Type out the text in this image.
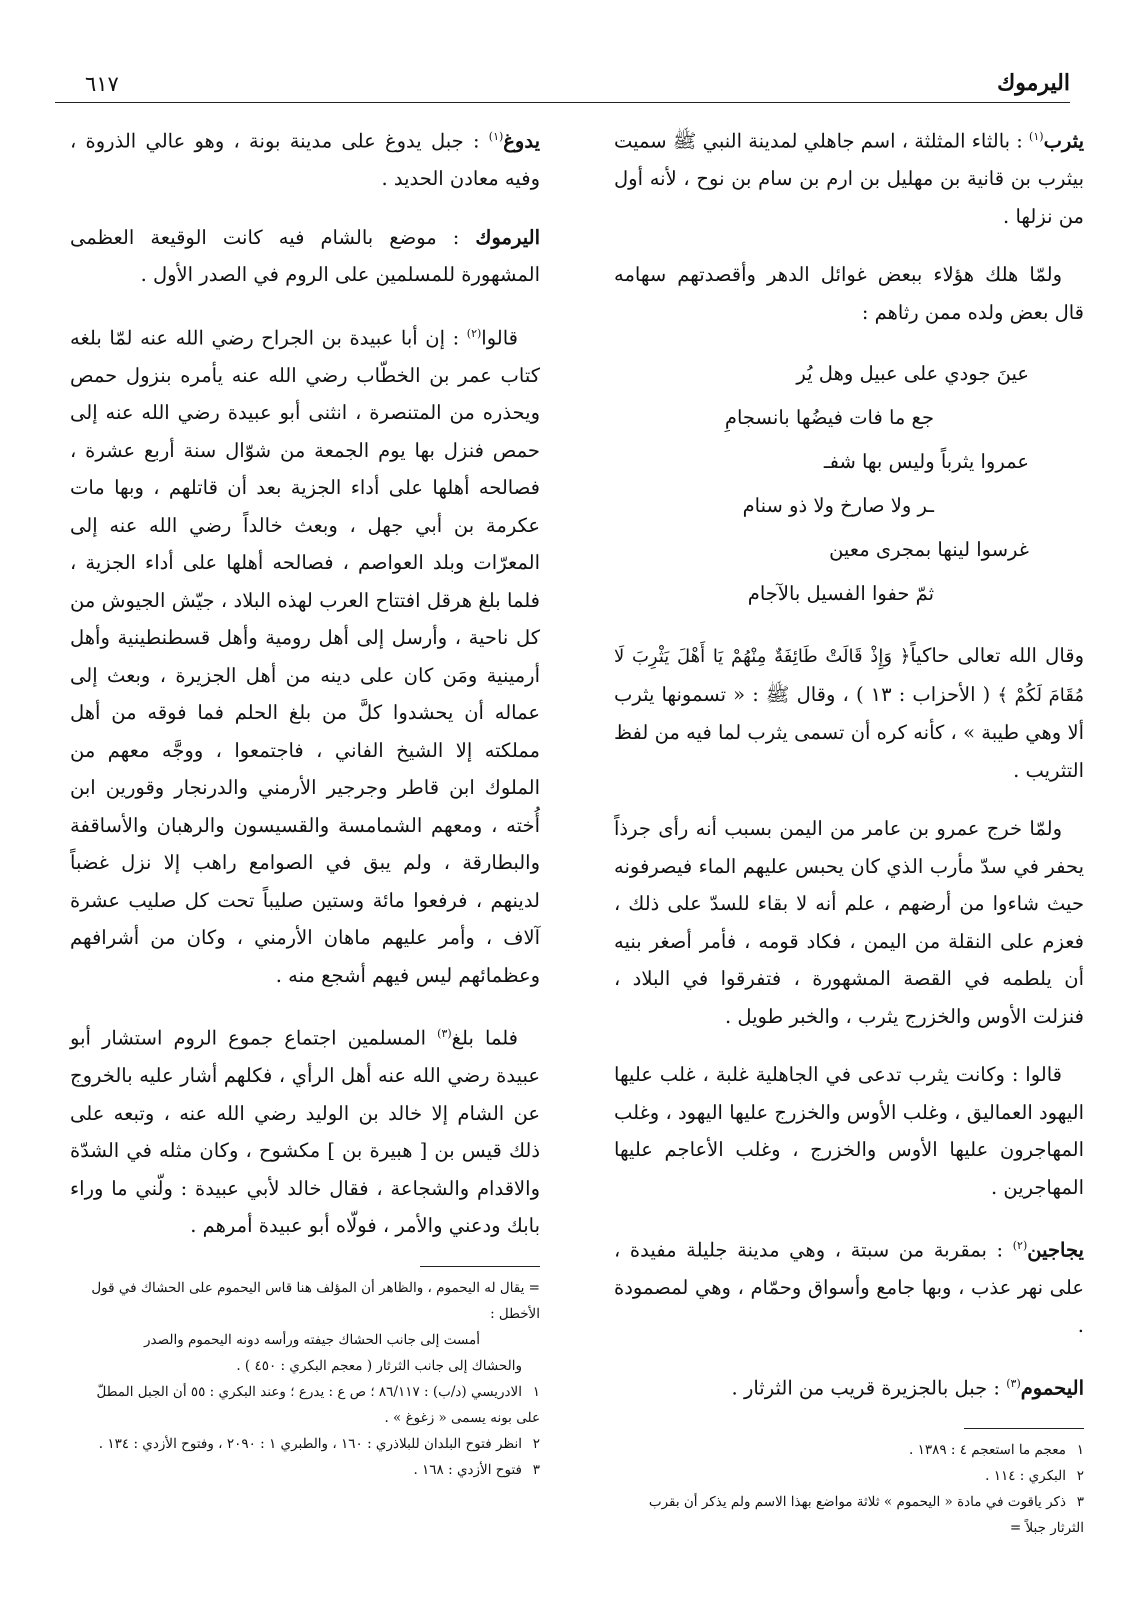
اليرموك
٦١٧

يثرب$^{(١)}$ : بالثاء المثلثة ، اسم جاهلي لمدينة النبي ﷺ سميت بيثرب بن قانية بن مهليل بن ارم بن سام بن نوح ، لأنه أول من نزلها .

ولمّا هلك هؤلاء ببعض غوائل الدهر وأقصدتهم سهامه قال بعض ولده ممن رثاهم :

عينَ جودي على عبيل وهل يُر
جع ما فات فيضُها بانسجامِ
عمروا يثرباً وليس بها شفـ
ـر ولا صارخ ولا ذو سنام
غرسوا لينها بمجرى معين
ثمّ حفوا الفسيل بالآجام

وقال الله تعالى حاكياً﴿ وَإِذْ قَالَتْ طَائِفَةٌ مِنْهُمْ يَا أَهْلَ يَثْرِبَ لَا مُقَامَ لَكُمْ ﴾ ( الأحزاب : ١٣ ) ، وقال ﷺ : « تسمونها يثرب ألا وهي طيبة » ، كأنه كره أن تسمى يثرب لما فيه من لفظ التثريب .

ولمّا خرج عمرو بن عامر من اليمن بسبب أنه رأى جرذاً يحفر في سدّ مأرب الذي كان يحبس عليهم الماء فيصرفونه حيث شاءوا من أرضهم ، علم أنه لا بقاء للسدّ على ذلك ، فعزم على النقلة من اليمن ، فكاد قومه ، فأمر أصغر بنيه أن يلطمه في القصة المشهورة ، فتفرقوا في البلاد ، فنزلت الأوس والخزرج يثرب ، والخبر طويل .

قالوا : وكانت يثرب تدعى في الجاهلية غلبة ، غلب عليها اليهود العماليق ، وغلب الأوس والخزرج عليها اليهود ، وغلب المهاجرون عليها الأوس والخزرج ، وغلب الأعاجم عليها المهاجرين .

يجاجين$^{(٢)}$ : بمقربة من سبتة ، وهي مدينة جليلة مفيدة ، على نهر عذب ، وبها جامع وأسواق وحمّام ، وهي لمصمودة .

اليحموم$^{(٣)}$ : جبل بالجزيرة قريب من الثرثار .

١معجم ما استعجم ٤ : ١٣٨٩ .
٢البكري : ١١٤ .
٣ذكر ياقوت في مادة « اليحموم » ثلاثة مواضع بهذا الاسم ولم يذكر أن بقرب الثرثار جبلاً =

يدوغ$^{(١)}$ : جبل يدوغ على مدينة بونة ، وهو عالي الذروة ، وفيه معادن الحديد .

اليرموك : موضع بالشام فيه كانت الوقيعة العظمى المشهورة للمسلمين على الروم في الصدر الأول .

قالوا$^{(٢)}$ : إن أبا عبيدة بن الجراح رضي الله عنه لمّا بلغه كتاب عمر بن الخطّاب رضي الله عنه يأمره بنزول حمص ويحذره من المتنصرة ، انثنى أبو عبيدة رضي الله عنه إلى حمص فنزل بها يوم الجمعة من شوّال سنة أربع عشرة ، فصالحه أهلها على أداء الجزية بعد أن قاتلهم ، وبها مات عكرمة بن أبي جهل ، وبعث خالداً رضي الله عنه إلى المعرّات وبلد العواصم ، فصالحه أهلها على أداء الجزية ، فلما بلغ هرقل افتتاح العرب لهذه البلاد ، جيّش الجيوش من كل ناحية ، وأرسل إلى أهل رومية وأهل قسطنطينية وأهل أرمينية ومَن كان على دينه من أهل الجزيرة ، وبعث إلى عماله أن يحشدوا كلَّ من بلغ الحلم فما فوقه من أهل مملكته إلا الشيخ الفاني ، فاجتمعوا ، ووجَّه معهم من الملوك ابن قاطر وجرجير الأرمني والدرنجار وقورين ابن أُخته ، ومعهم الشمامسة والقسيسون والرهبان والأساقفة والبطارقة ، ولم يبق في الصوامع راهب إلا نزل غضباً لدينهم ، فرفعوا مائة وستين صليباً تحت كل صليب عشرة آلاف ، وأمر عليهم ماهان الأرمني ، وكان من أشرافهم وعظمائهم ليس فيهم أشجع منه .

فلما بلغ$^{(٣)}$ المسلمين اجتماع جموع الروم استشار أبو عبيدة رضي الله عنه أهل الرأي ، فكلهم أشار عليه بالخروج عن الشام إلا خالد بن الوليد رضي الله عنه ، وتبعه على ذلك قيس بن [ هبيرة بن ] مكشوح ، وكان مثله في الشدّة والاقدام والشجاعة ، فقال خالد لأبي عبيدة : ولّني ما وراء بابك ودعني والأمر ، فولّاه أبو عبيدة أمرهم .

= يقال له اليحموم ، والظاهر أن المؤلف هنا قاس اليحموم على الحشاك في قول الأخطل :
أمست إلى جانب الحشاك جيفته ورأسه دونه اليحموم والصدر
والحشاك إلى جانب الثرثار ( معجم البكري : ٤٥٠ ) .
١الادريسي (د/ب) : ٨٦/١١٧ ؛ ص ع : يدرع ؛ وعند البكري : ٥٥ أن الجبل المطلّ على بونه يسمى « زغوغ » .
٢انظر فتوح البلدان للبلاذري : ١٦٠ ، والطبري ١ : ٢٠٩٠ ، وفتوح الأزدي : ١٣٤ .
٣فتوح الأزدي : ١٦٨ .
